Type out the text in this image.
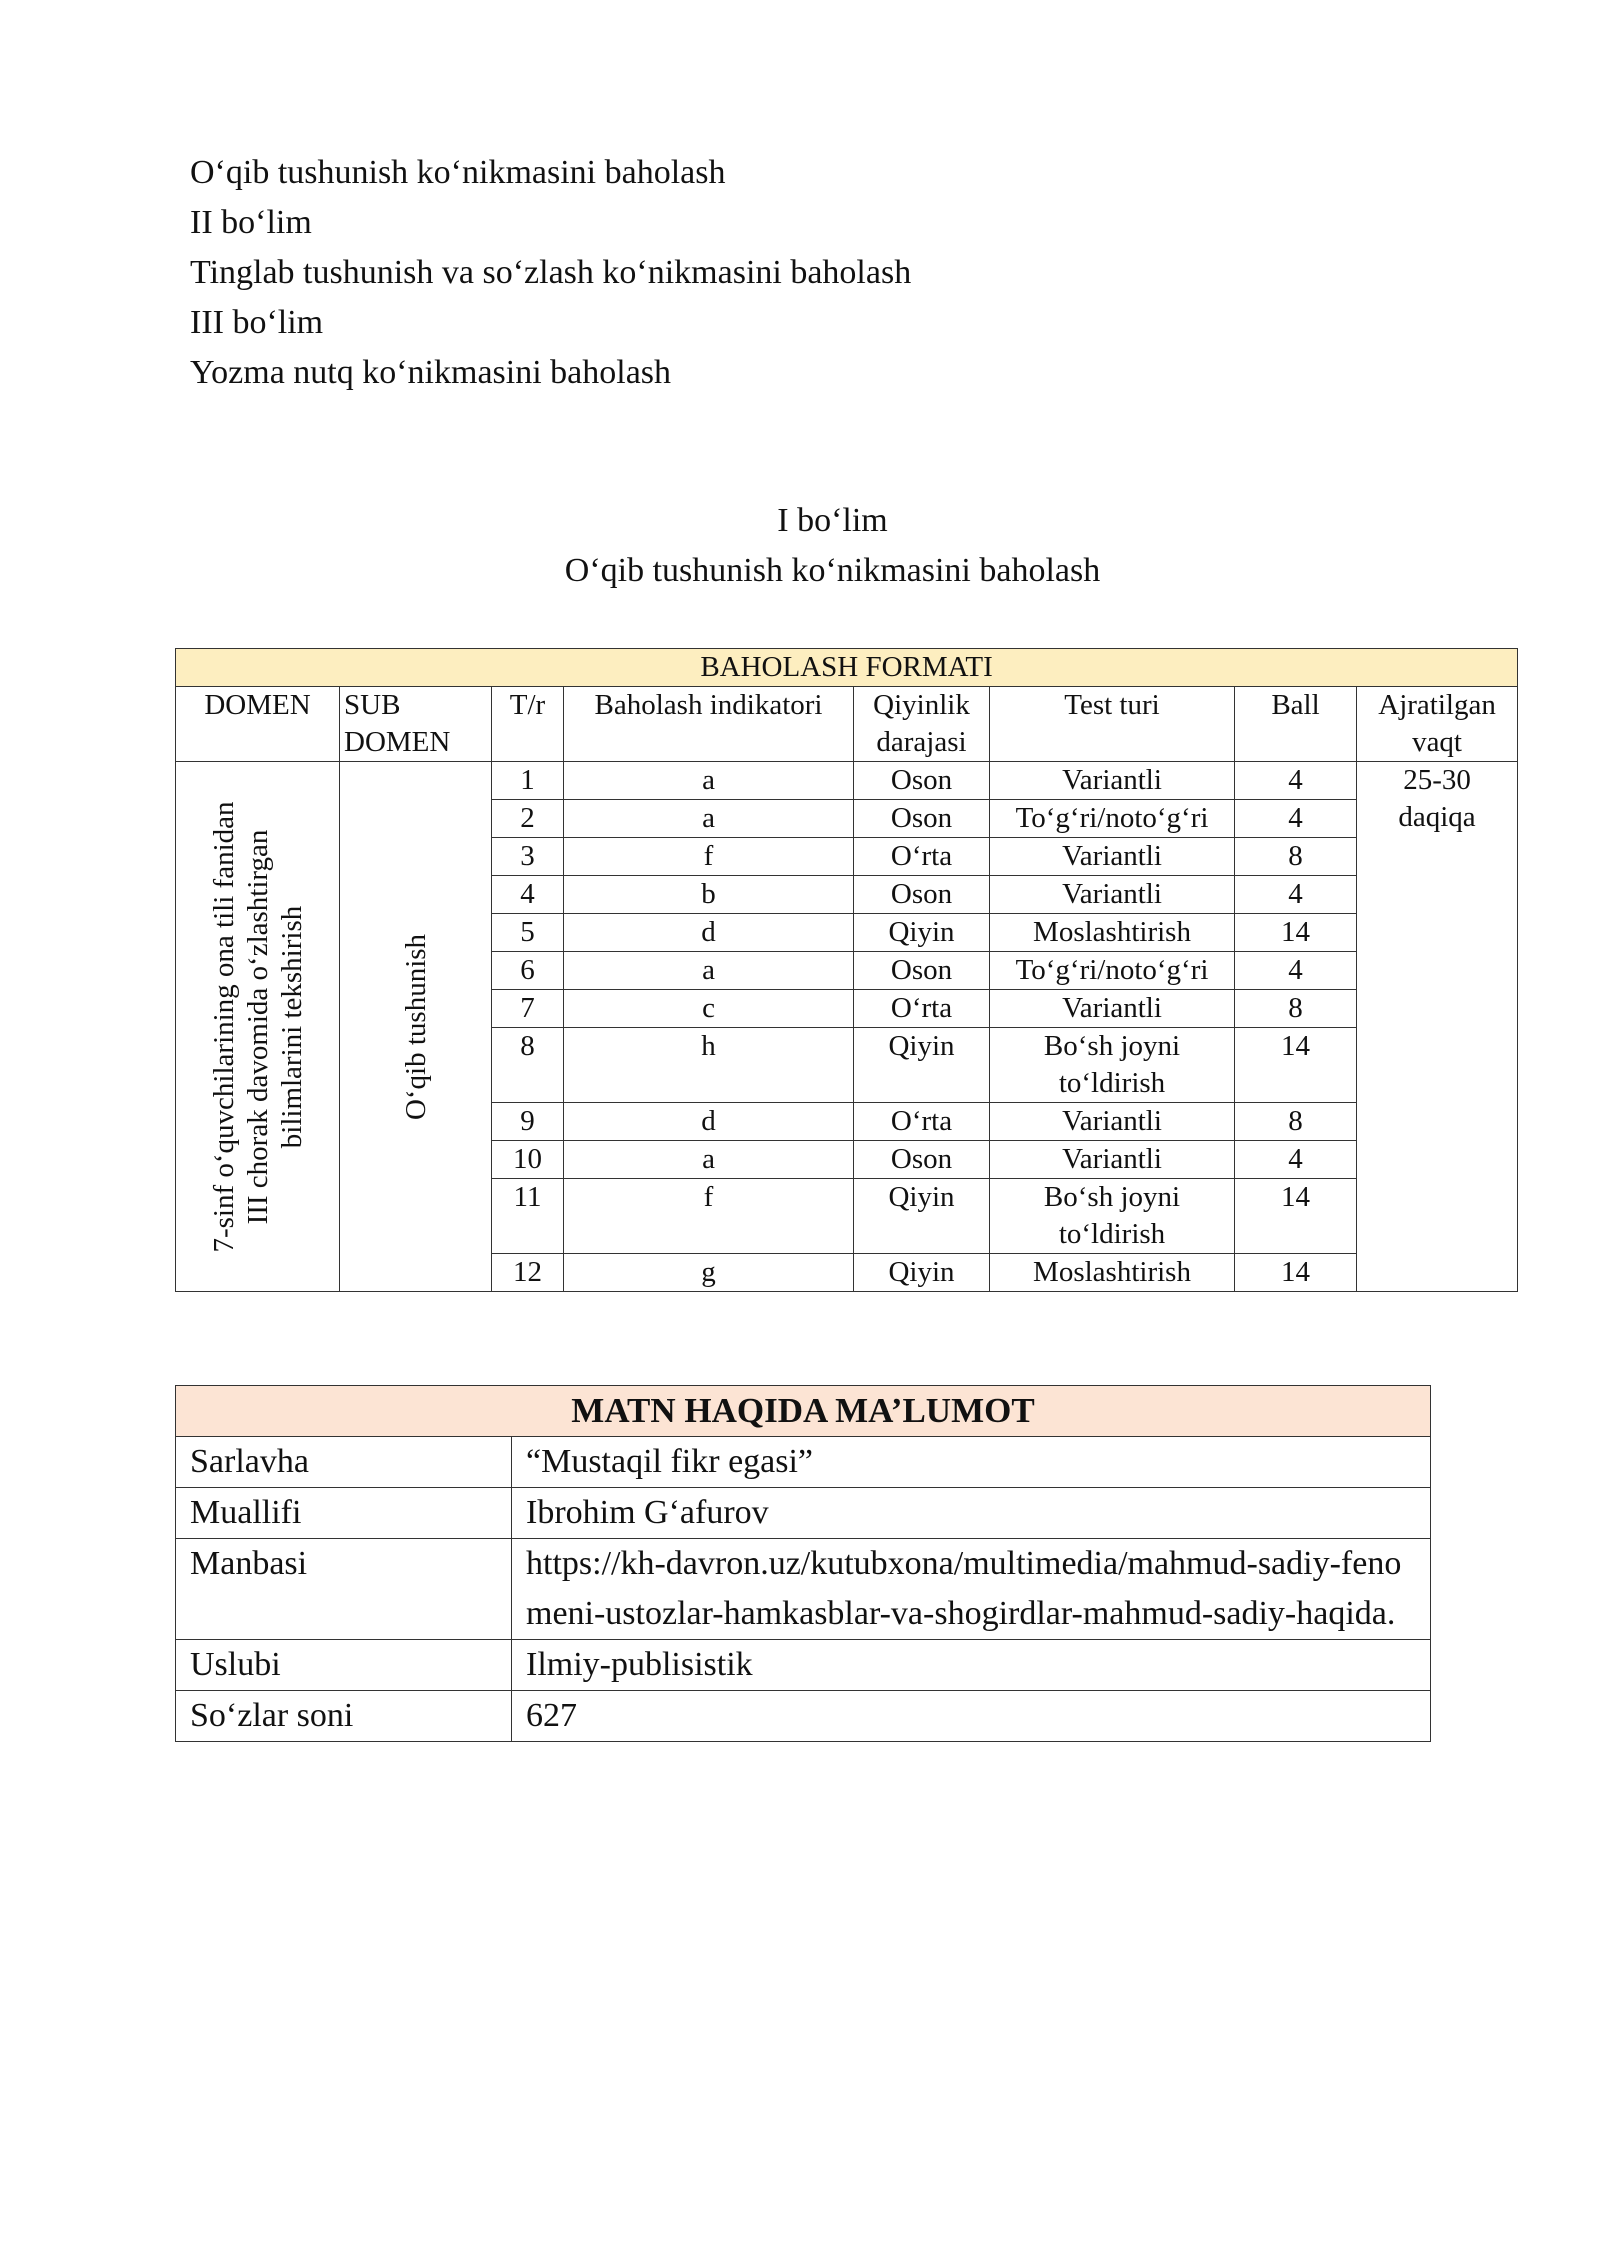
O‘qib tushunish ko‘nikmasini baholash
II bo‘lim
Tinglab tushunish va so‘zlash ko‘nikmasini baholash
III bo‘lim
Yozma nutq ko‘nikmasini baholash
I bo‘lim
O‘qib tushunish ko‘nikmasini baholash
BAHOLASH FORMATI							
DOMEN	SUB DOMEN	T/r	Baholash indikatori	Qiyinlik darajasi	Test turi	Ball	Ajratilgan vaqt

7-sinf o‘quvchilarining ona tili fanidan III chorak davomida o‘zlashtirgan bilimlarini tekshirish	O‘qib tushunish	1	a	Oson	Variantli	4	25-30 daqiqa
		2	a	Oson	To‘g‘ri/noto‘g‘ri	4	
		3	f	O‘rta	Variantli	8	
		4	b	Oson	Variantli	4	
		5	d	Qiyin	Moslashtirish	14	
		6	a	Oson	To‘g‘ri/noto‘g‘ri	4	
		7	c	O‘rta	Variantli	8	
		8	h	Qiyin	Bo‘sh joyni to‘ldirish	14	
		9	d	O‘rta	Variantli	8	
		10	a	Oson	Variantli	4	
		11	f	Qiyin	Bo‘sh joyni to‘ldirish	14	
		12	g	Qiyin	Moslashtirish	14	
MATN HAQIDA MA’LUMOT	
Sarlavha	“Mustaqil fikr egasi”
Muallifi	Ibrohim G‘afurov
Manbasi	https://kh-davron.uz/kutubxona/multimedia/mahmud-sadiy-fenomeni-ustozlar-hamkasblar-va-shogirdlar-mahmud-sadiy-haqida.
Uslubi	Ilmiy-publisistik
So‘zlar soni	627
